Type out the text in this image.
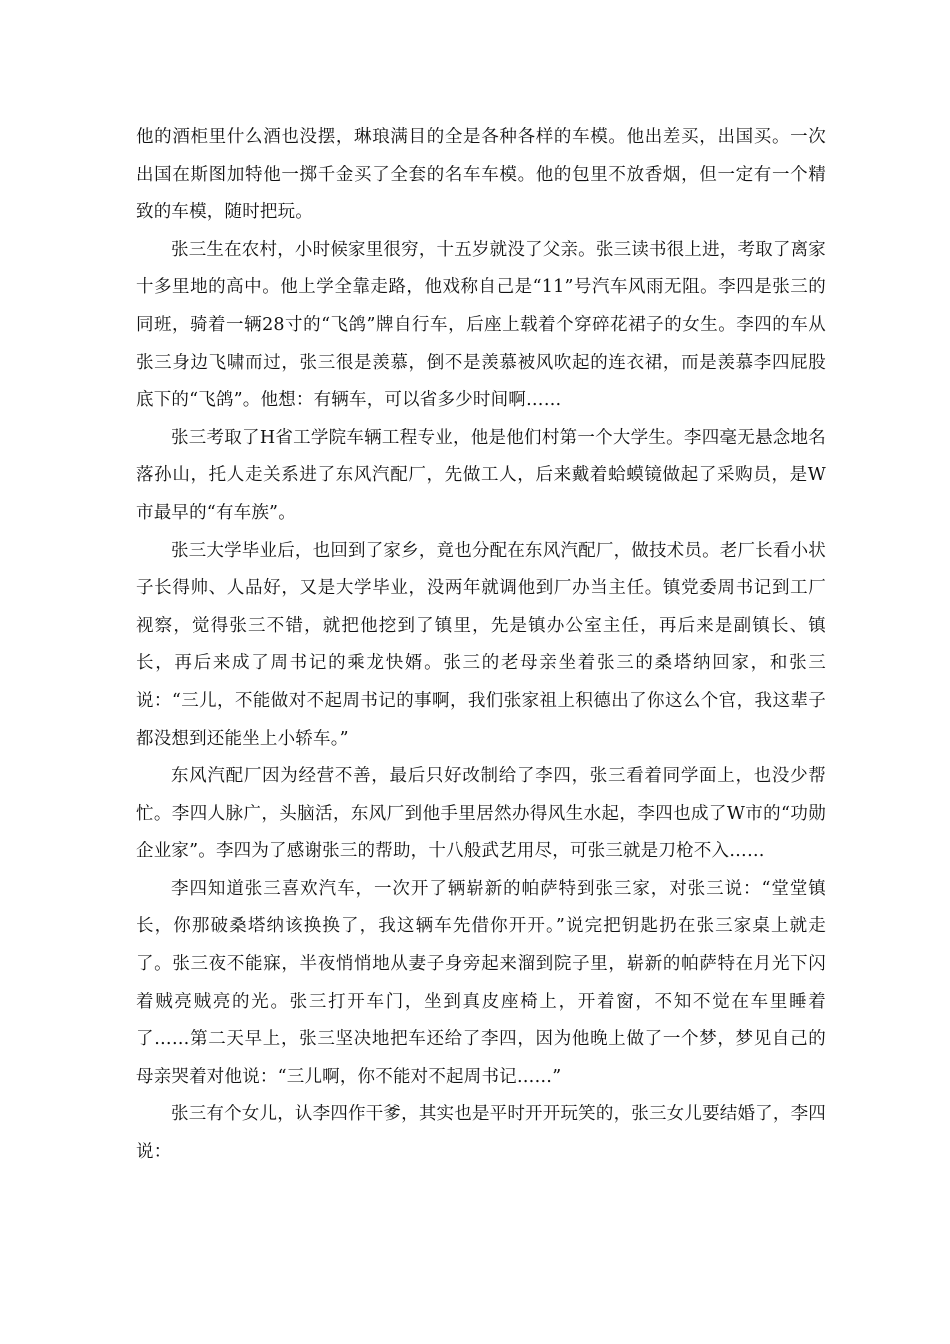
他的酒柜里什么酒也没摆，琳琅满目的全是各种各样的车模。他出差买，出国买。一次出国在斯图加特他一掷千金买了全套的名车车模。他的包里不放香烟，但一定有一个精致的车模，随时把玩。

张三生在农村，小时候家里很穷，十五岁就没了父亲。张三读书很上进，考取了离家十多里地的高中。他上学全靠走路，他戏称自己是“11”号汽车风雨无阻。李四是张三的同班，骑着一辆28寸的“飞鸽”牌自行车，后座上载着个穿碎花裙子的女生。李四的车从张三身边飞啸而过，张三很是羡慕，倒不是羡慕被风吹起的连衣裙，而是羡慕李四屁股底下的“飞鸽”。他想：有辆车，可以省多少时间啊……

张三考取了H省工学院车辆工程专业，他是他们村第一个大学生。李四毫无悬念地名落孙山，托人走关系进了东风汽配厂，先做工人，后来戴着蛤蟆镜做起了采购员，是W市最早的“有车族”。

张三大学毕业后，也回到了家乡，竟也分配在东风汽配厂，做技术员。老厂长看小状子长得帅、人品好，又是大学毕业，没两年就调他到厂办当主任。镇党委周书记到工厂视察，觉得张三不错，就把他挖到了镇里，先是镇办公室主任，再后来是副镇长、镇长，再后来成了周书记的乘龙快婿。张三的老母亲坐着张三的桑塔纳回家，和张三说：“三儿，不能做对不起周书记的事啊，我们张家祖上积德出了你这么个官，我这辈子都没想到还能坐上小轿车。”

东风汽配厂因为经营不善，最后只好改制给了李四，张三看着同学面上，也没少帮忙。李四人脉广，头脑活，东风厂到他手里居然办得风生水起，李四也成了W市的“功勋企业家”。李四为了感谢张三的帮助，十八般武艺用尽，可张三就是刀枪不入……

李四知道张三喜欢汽车，一次开了辆崭新的帕萨特到张三家，对张三说：“堂堂镇长，你那破桑塔纳该换换了，我这辆车先借你开开。”说完把钥匙扔在张三家桌上就走了。张三夜不能寐，半夜悄悄地从妻子身旁起来溜到院子里，崭新的帕萨特在月光下闪着贼亮贼亮的光。张三打开车门，坐到真皮座椅上，开着窗，不知不觉在车里睡着了……第二天早上，张三坚决地把车还给了李四，因为他晚上做了一个梦，梦见自己的母亲哭着对他说：“三儿啊，你不能对不起周书记……”

张三有个女儿，认李四作干爹，其实也是平时开开玩笑的，张三女儿要结婚了，李四说：
